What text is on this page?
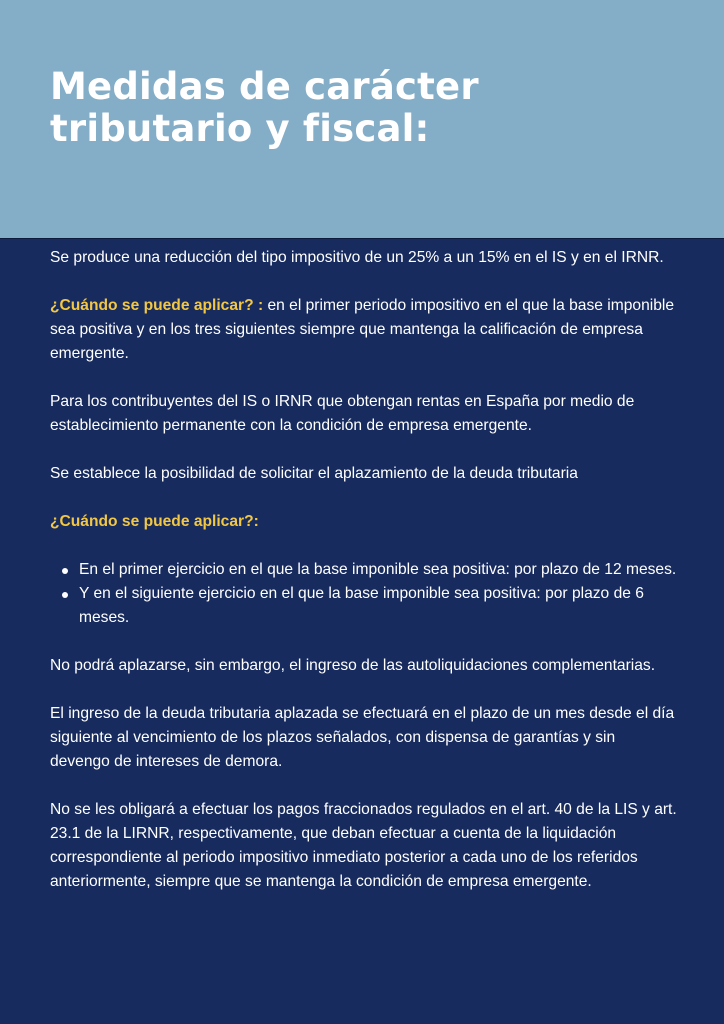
Medidas de carácter
tributario y fiscal:

Se produce una reducción del tipo impositivo de un 25% a un 15% en el IS y en el IRNR.

¿Cuándo se puede aplicar? : en el primer periodo impositivo en el que la base imponible sea positiva y en los tres siguientes siempre que mantenga la calificación de empresa emergente.

Para los contribuyentes del IS o IRNR que obtengan rentas en España por medio de establecimiento permanente con la condición de empresa emergente.

Se establece la posibilidad de solicitar el aplazamiento de la deuda tributaria

¿Cuándo se puede aplicar?:

En el primer ejercicio en el que la base imponible sea positiva: por plazo de 12 meses.
Y en el siguiente ejercicio en el que la base imponible sea positiva: por plazo de 6 meses.

No podrá aplazarse, sin embargo, el ingreso de las autoliquidaciones complementarias.

El ingreso de la deuda tributaria aplazada se efectuará en el plazo de un mes desde el día siguiente al vencimiento de los plazos señalados, con dispensa de garantías y sin devengo de intereses de demora.

No se les obligará a efectuar los pagos fraccionados regulados en el art. 40 de la LIS y art. 23.1 de la LIRNR, respectivamente, que deban efectuar a cuenta de la liquidación correspondiente al periodo impositivo inmediato posterior a cada uno de los referidos anteriormente, siempre que se mantenga la condición de empresa emergente.
